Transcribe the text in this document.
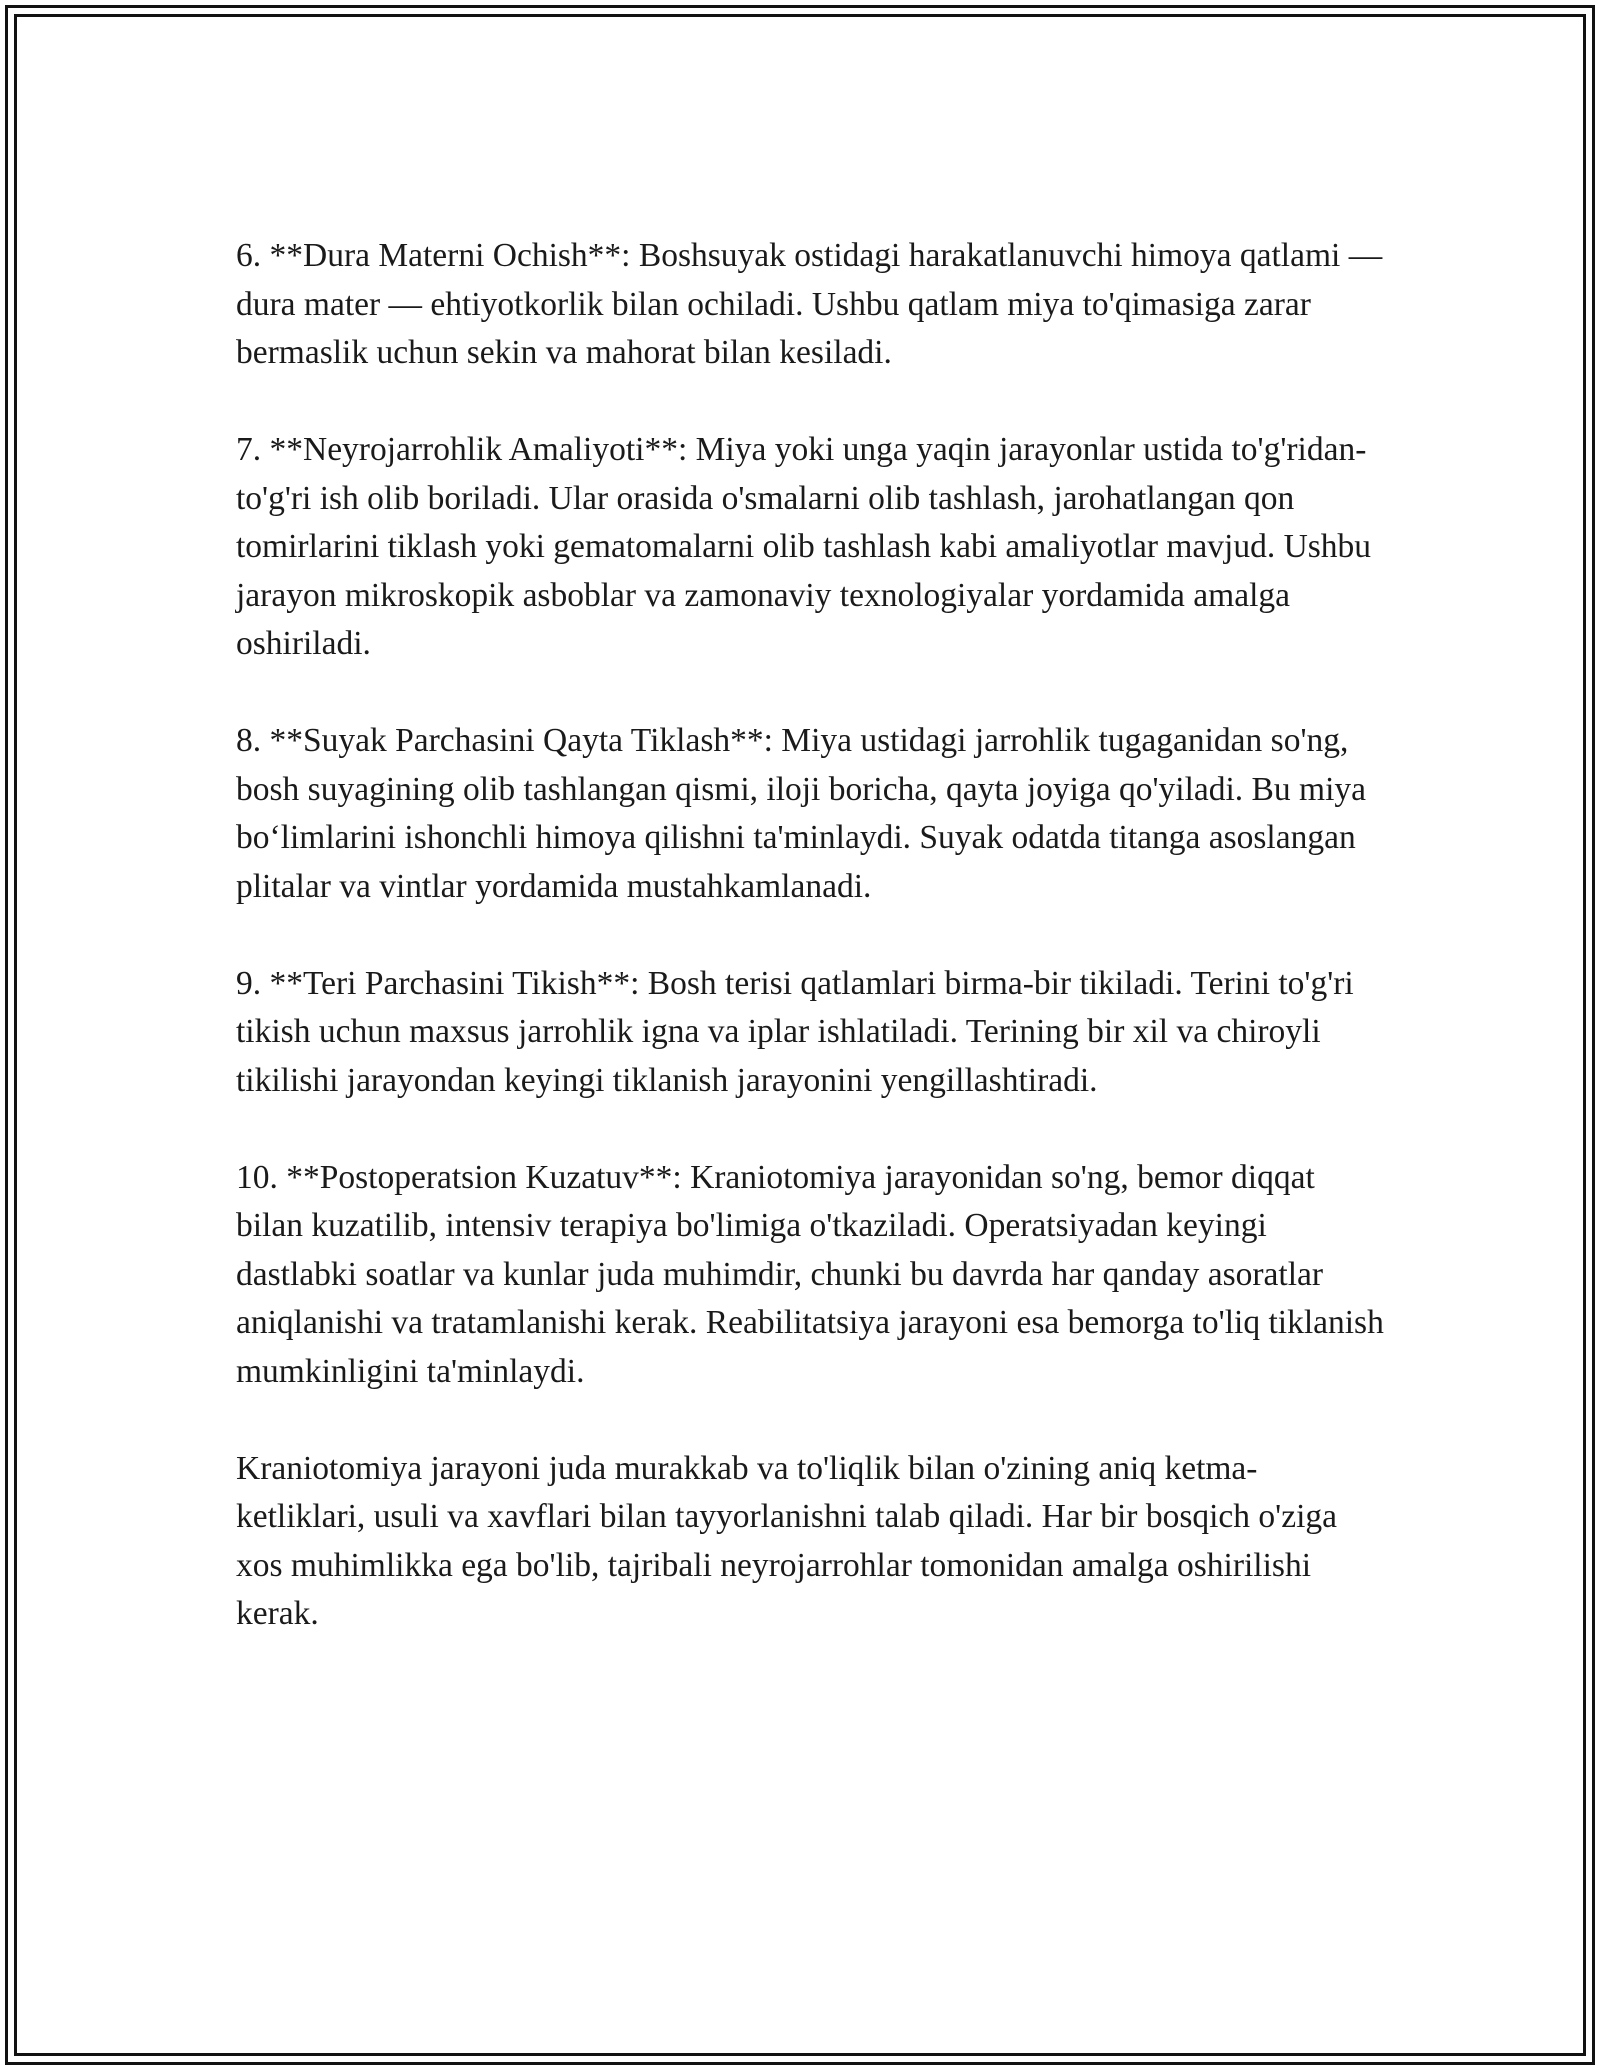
6. **Dura Materni Ochish**: Boshsuyak ostidagi harakatlanuvchi himoya qatlami — dura mater — ehtiyotkorlik bilan ochiladi. Ushbu qatlam miya to'qimasiga zarar bermaslik uchun sekin va mahorat bilan kesiladi.

7. **Neyrojarrohlik Amaliyoti**: Miya yoki unga yaqin jarayonlar ustida to'g'ridan-to'g'ri ish olib boriladi. Ular orasida o'smalarni olib tashlash, jarohatlangan qon tomirlarini tiklash yoki gematomalarni olib tashlash kabi amaliyotlar mavjud. Ushbu jarayon mikroskopik asboblar va zamonaviy texnologiyalar yordamida amalga oshiriladi.

8. **Suyak Parchasini Qayta Tiklash**: Miya ustidagi jarrohlik tugaganidan so'ng, bosh suyagining olib tashlangan qismi, iloji boricha, qayta joyiga qo'yiladi. Bu miya bo‘limlarini ishonchli himoya qilishni ta'minlaydi. Suyak odatda titanga asoslangan plitalar va vintlar yordamida mustahkamlanadi.

9. **Teri Parchasini Tikish**: Bosh terisi qatlamlari birma-bir tikiladi. Terini to'g'ri tikish uchun maxsus jarrohlik igna va iplar ishlatiladi. Terining bir xil va chiroyli tikilishi jarayondan keyingi tiklanish jarayonini yengillashtiradi.

10. **Postoperatsion Kuzatuv**: Kraniotomiya jarayonidan so'ng, bemor diqqat bilan kuzatilib, intensiv terapiya bo'limiga o'tkaziladi. Operatsiyadan keyingi dastlabki soatlar va kunlar juda muhimdir, chunki bu davrda har qanday asoratlar aniqlanishi va tratamlanishi kerak. Reabilitatsiya jarayoni esa bemorga to'liq tiklanish mumkinligini ta'minlaydi.

Kraniotomiya jarayoni juda murakkab va to'liqlik bilan o'zining aniq ketma-ketliklari, usuli va xavflari bilan tayyorlanishni talab qiladi. Har bir bosqich o'ziga xos muhimlikka ega bo'lib, tajribali neyrojarrohlar tomonidan amalga oshirilishi kerak.
